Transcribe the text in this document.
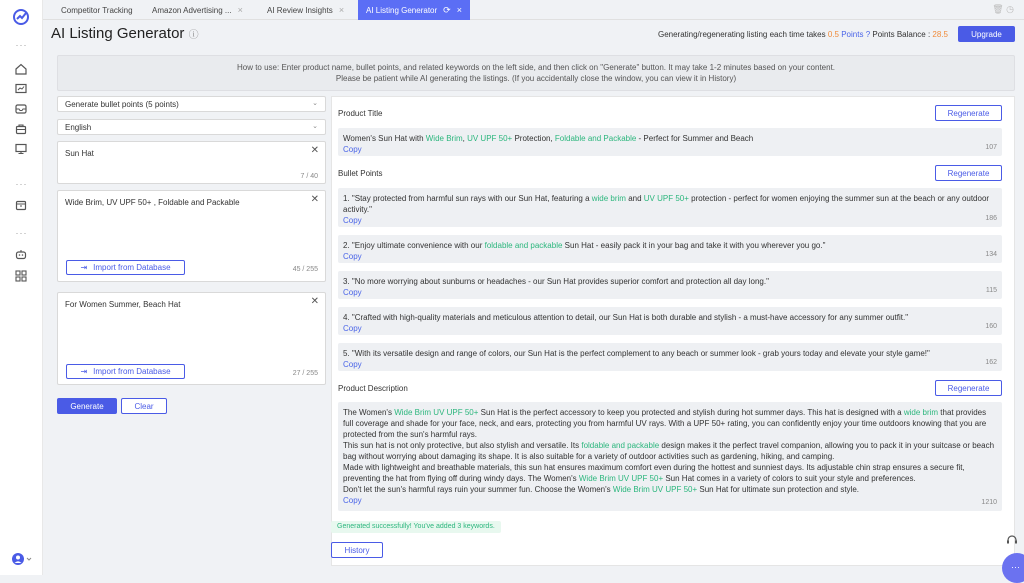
···
···
···
Competitor Tracking Amazon Advertising ... ×	AI Review Insights ×	AI Listing Generator ⟳ ×	🗑 ◷
AI Listing Generator ⓘ	Generating/regenerating listing each time takes 0.5 Points ? Points Balance : 28.5	Upgrade
How to use: Enter product name, bullet points, and related keywords on the left side, and then click on "Generate" button. It may take 1-2 minutes based on your content.
Please be patient while AI generating the listings. (If you accidentally close the window, you can view it in History)
Generate bullet points (5 points)	⌄
English	⌄
Sun Hat	✕
7 / 40
Wide Brim, UV UPF 50+ , Foldable and Packable	✕
⇥ Import from Database	45 / 255
For Women Summer, Beach Hat	✕
⇥ Import from Database	27 / 255
Generate	Clear
Product Title	Regenerate
Women's Sun Hat with Wide Brim, UV UPF 50+ Protection, Foldable and Packable - Perfect for Summer and Beach
Copy	107
Bullet Points	Regenerate
1. "Stay protected from harmful sun rays with our Sun Hat, featuring a wide brim and UV UPF 50+ protection - perfect for women enjoying the summer sun at the beach or any outdoor activity."
Copy	186
2. "Enjoy ultimate convenience with our foldable and packable Sun Hat - easily pack it in your bag and take it with you wherever you go."
Copy	134
3. "No more worrying about sunburns or headaches - our Sun Hat provides superior comfort and protection all day long."
Copy	115
4. "Crafted with high-quality materials and meticulous attention to detail, our Sun Hat is both durable and stylish - a must-have accessory for any summer outfit."
Copy	160
5. "With its versatile design and range of colors, our Sun Hat is the perfect complement to any beach or summer look - grab yours today and elevate your style game!"
Copy	162
Product Description	Regenerate
The Women's Wide Brim UV UPF 50+ Sun Hat is the perfect accessory to keep you protected and stylish during hot summer days. This hat is designed with a wide brim that provides full coverage and shade for your face, neck, and ears, protecting you from harmful UV rays. With a UPF 50+ rating, you can confidently enjoy your time outdoors knowing that you are protected from the sun's harmful rays.
This sun hat is not only protective, but also stylish and versatile. Its foldable and packable design makes it the perfect travel companion, allowing you to pack it in your suitcase or beach bag without worrying about damaging its shape. It is also suitable for a variety of outdoor activities such as gardening, hiking, and camping.
Made with lightweight and breathable materials, this sun hat ensures maximum comfort even during the hottest and sunniest days. Its adjustable chin strap ensures a secure fit, preventing the hat from flying off during windy days. The Women's Wide Brim UV UPF 50+ Sun Hat comes in a variety of colors to suit your style and preferences.
Don't let the sun's harmful rays ruin your summer fun. Choose the Women's Wide Brim UV UPF 50+ Sun Hat for ultimate sun protection and style.
Copy	1210
Generated successfully! You've added 3 keywords.
History
···
